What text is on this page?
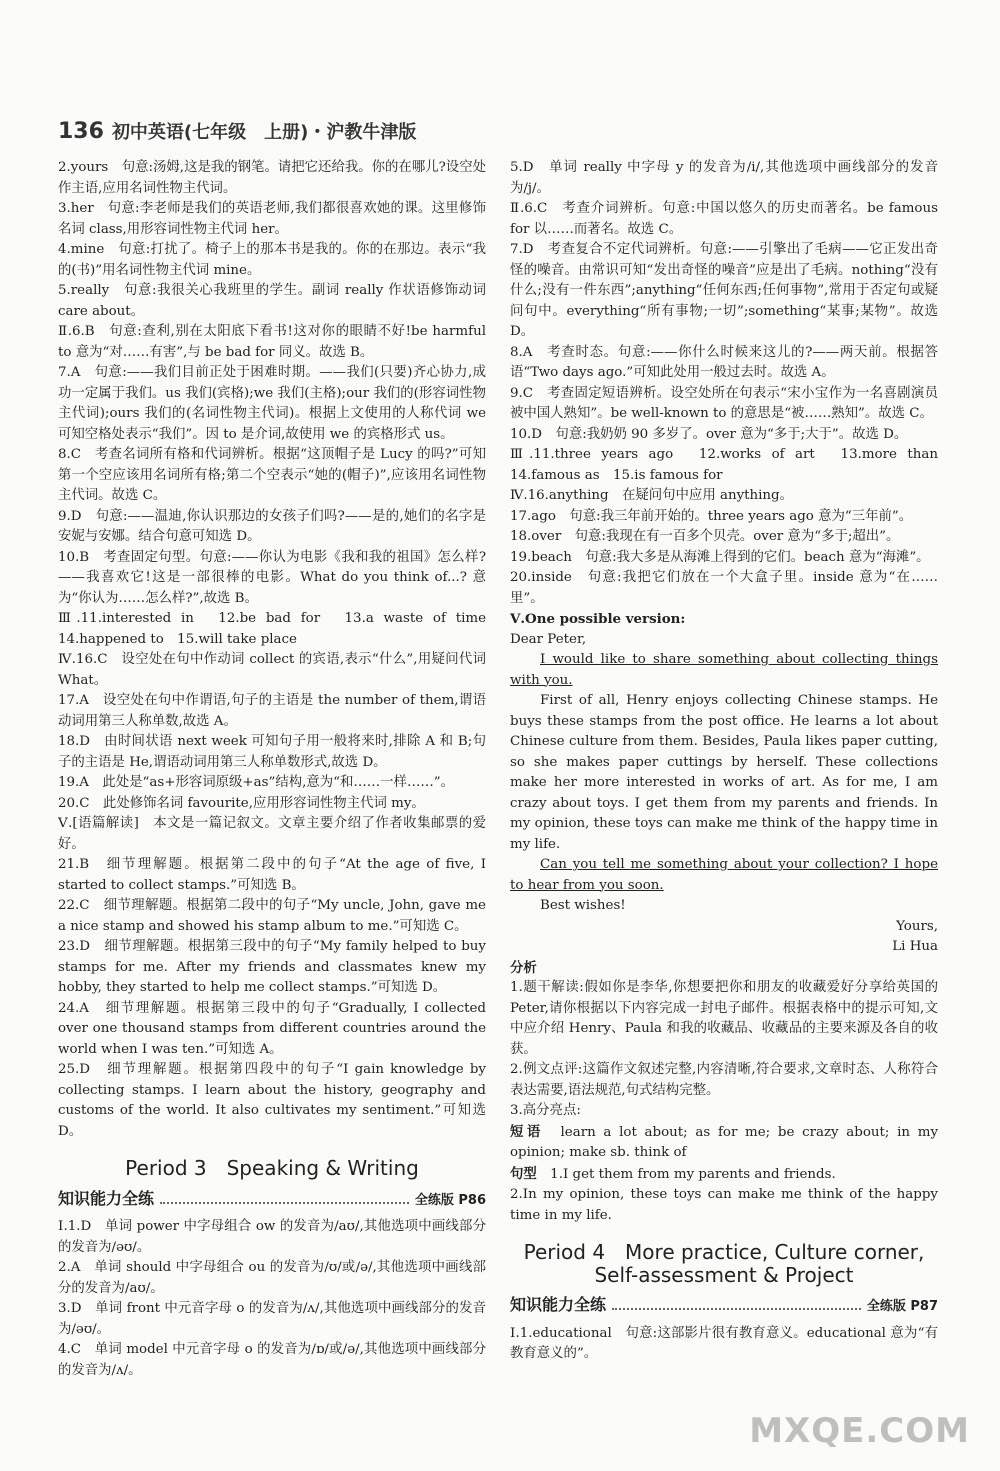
136 初中英语(七年级　上册)・沪教牛津版

2.yours　句意:汤姆,这是我的钢笔。请把它还给我。你的在哪儿?设空处作主语,应用名词性物主代词。

3.her　句意:李老师是我们的英语老师,我们都很喜欢她的课。这里修饰名词 class,用形容词性物主代词 her。

4.mine　句意:打扰了。椅子上的那本书是我的。你的在那边。表示“我的(书)”用名词性物主代词 mine。

5.really　句意:我很关心我班里的学生。副词 really 作状语修饰动词 care about。

Ⅱ.6.B　句意:查利,别在太阳底下看书!这对你的眼睛不好!be harmful to 意为“对……有害”,与 be bad for 同义。故选 B。

7.A　句意:——我们目前正处于困难时期。——我们(只要)齐心协力,成功一定属于我们。us 我们(宾格);we 我们(主格);our 我们的(形容词性物主代词);ours 我们的(名词性物主代词)。根据上文使用的人称代词 we 可知空格处表示“我们”。因 to 是介词,故使用 we 的宾格形式 us。

8.C　考查名词所有格和代词辨析。根据“这顶帽子是 Lucy 的吗?”可知第一个空应该用名词所有格;第二个空表示“她的(帽子)”,应该用名词性物主代词。故选 C。

9.D　句意:——温迪,你认识那边的女孩子们吗?——是的,她们的名字是安妮与安娜。结合句意可知选 D。

10.B　考查固定句型。句意:——你认为电影《我和我的祖国》怎么样?——我喜欢它!这是一部很棒的电影。What do you think of...? 意为“你认为……怎么样?”,故选 B。

Ⅲ.11.interested in　12.be bad for　13.a waste of time　14.happened to　15.will take place

Ⅳ.16.C　设空处在句中作动词 collect 的宾语,表示“什么”,用疑问代词 What。

17.A　设空处在句中作谓语,句子的主语是 the number of them,谓语动词用第三人称单数,故选 A。

18.D　由时间状语 next week 可知句子用一般将来时,排除 A 和 B;句子的主语是 He,谓语动词用第三人称单数形式,故选 D。

19.A　此处是“as+形容词原级+as”结构,意为“和……一样……”。

20.C　此处修饰名词 favourite,应用形容词性物主代词 my。

Ⅴ.[语篇解读]　本文是一篇记叙文。文章主要介绍了作者收集邮票的爱好。

21.B　细节理解题。根据第二段中的句子“At the age of five, I started to collect stamps.”可知选 B。

22.C　细节理解题。根据第二段中的句子“My uncle, John, gave me a nice stamp and showed his stamp album to me.”可知选 C。

23.D　细节理解题。根据第三段中的句子“My family helped to buy stamps for me. After my friends and classmates knew my hobby, they started to help me collect stamps.”可知选 D。

24.A　细节理解题。根据第三段中的句子“Gradually, I collected over one thousand stamps from different countries around the world when I was ten.”可知选 A。

25.D　细节理解题。根据第四段中的句子“I gain knowledge by collecting stamps. I learn about the history, geography and customs of the world. It also cultivates my sentiment.”可知选 D。

Period 3　Speaking & Writing
知识能力全练	全练版 P86

Ⅰ.1.D　单词 power 中字母组合 ow 的发音为/aʊ/,其他选项中画线部分的发音为/əʊ/。

2.A　单词 should 中字母组合 ou 的发音为/ʊ/或/ə/,其他选项中画线部分的发音为/aʊ/。

3.D　单词 front 中元音字母 o 的发音为/ʌ/,其他选项中画线部分的发音为/əʊ/。

4.C　单词 model 中元音字母 o 的发音为/ɒ/或/ə/,其他选项中画线部分的发音为/ʌ/。

5.D　单词 really 中字母 y 的发音为/i/,其他选项中画线部分的发音为/j/。

Ⅱ.6.C　考查介词辨析。句意:中国以悠久的历史而著名。be famous for 以……而著名。故选 C。

7.D　考查复合不定代词辨析。句意:——引擎出了毛病——它正发出奇怪的噪音。由常识可知“发出奇怪的噪音”应是出了毛病。nothing“没有什么;没有一件东西”;anything“任何东西;任何事物”,常用于否定句或疑问句中。everything“所有事物;一切”;something“某事;某物”。故选 D。

8.A　考查时态。句意:——你什么时候来这儿的?——两天前。根据答语“Two days ago.”可知此处用一般过去时。故选 A。

9.C　考查固定短语辨析。设空处所在句表示“宋小宝作为一名喜剧演员被中国人熟知”。be well-known to 的意思是“被……熟知”。故选 C。

10.D　句意:我奶奶 90 多岁了。over 意为“多于;大于”。故选 D。

Ⅲ.11.three years ago　12.works of art　13.more than　14.famous as　15.is famous for

Ⅳ.16.anything　在疑问句中应用 anything。

17.ago　句意:我三年前开始的。three years ago 意为“三年前”。

18.over　句意:我现在有一百多个贝壳。over 意为“多于;超出”。

19.beach　句意:我大多是从海滩上得到的它们。beach 意为“海滩”。

20.inside　句意:我把它们放在一个大盒子里。inside 意为“在……里”。

Ⅴ.One possible version:

Dear Peter,

I would like to share something about collecting things with you.

First of all, Henry enjoys collecting Chinese stamps. He buys these stamps from the post office. He learns a lot about Chinese culture from them. Besides, Paula likes paper cutting, so she makes paper cuttings by herself. These collections make her more interested in works of art. As for me, I am crazy about toys. I get them from my parents and friends. In my opinion, these toys can make me think of the happy time in my life.

Can you tell me something about your collection? I hope to hear from you soon.

Best wishes!

Yours,

Li Hua

分析

1.题干解读:假如你是李华,你想要把你和朋友的收藏爱好分享给英国的 Peter,请你根据以下内容完成一封电子邮件。根据表格中的提示可知,文中应介绍 Henry、Paula 和我的收藏品、收藏品的主要来源及各自的收获。

2.例文点评:这篇作文叙述完整,内容清晰,符合要求,文章时态、人称符合表达需要,语法规范,句式结构完整。

3.高分亮点:

短语　 learn a lot about; as for me; be crazy about; in my opinion; make sb. think of

句型　 1.I get them from my parents and friends.

2.In my opinion, these toys can make me think of the happy time in my life.

Period 4　More practice, Culture corner,
Self-assessment & Project
知识能力全练	全练版 P87

Ⅰ.1.educational　句意:这部影片很有教育意义。educational 意为“有教育意义的”。

MXQE.COM
